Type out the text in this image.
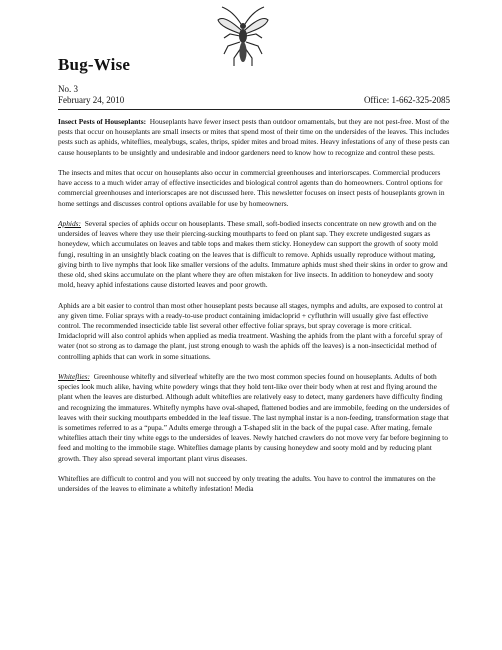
Bug-Wise
No. 3
February 24, 2010	Office: 1-662-325-2085

Insect Pests of Houseplants: Houseplants have fewer insect pests than outdoor ornamentals, but they are not pest-free. Most of the pests that occur on houseplants are small insects or mites that spend most of their time on the undersides of the leaves. This includes pests such as aphids, whiteflies, mealybugs, scales, thrips, spider mites and broad mites. Heavy infestations of any of these pests can cause houseplants to be unsightly and undesirable and indoor gardeners need to know how to recognize and control these pests.

The insects and mites that occur on houseplants also occur in commercial greenhouses and interiorscapes. Commercial producers have access to a much wider array of effective insecticides and biological control agents than do homeowners. Control options for commercial greenhouses and interiorscapes are not discussed here. This newsletter focuses on insect pests of houseplants grown in home settings and discusses control options available for use by homeowners.

Aphids: Several species of aphids occur on houseplants. These small, soft-bodied insects concentrate on new growth and on the undersides of leaves where they use their piercing-sucking mouthparts to feed on plant sap. They excrete undigested sugars as honeydew, which accumulates on leaves and table tops and makes them sticky. Honeydew can support the growth of sooty mold fungi, resulting in an unsightly black coating on the leaves that is difficult to remove. Aphids usually reproduce without mating, giving birth to live nymphs that look like smaller versions of the adults. Immature aphids must shed their skins in order to grow and these old, shed skins accumulate on the plant where they are often mistaken for live insects. In addition to honeydew and sooty mold, heavy aphid infestations cause distorted leaves and poor growth.

Aphids are a bit easier to control than most other houseplant pests because all stages, nymphs and adults, are exposed to control at any given time. Foliar sprays with a ready-to-use product containing imidacloprid + cyfluthrin will usually give fast effective control. The recommended insecticide table list several other effective foliar sprays, but spray coverage is more critical. Imidacloprid will also control aphids when applied as media treatment. Washing the aphids from the plant with a forceful spray of water (not so strong as to damage the plant, just strong enough to wash the aphids off the leaves) is a non-insecticidal method of controlling aphids that can work in some situations.

Whiteflies: Greenhouse whitefly and silverleaf whitefly are the two most common species found on houseplants. Adults of both species look much alike, having white powdery wings that they hold tent-like over their body when at rest and flying around the plant when the leaves are disturbed. Although adult whiteflies are relatively easy to detect, many gardeners have difficulty finding and recognizing the immatures. Whitefly nymphs have oval-shaped, flattened bodies and are immobile, feeding on the undersides of leaves with their sucking mouthparts embedded in the leaf tissue. The last nymphal instar is a non-feeding, transformation stage that is sometimes referred to as a “pupa.” Adults emerge through a T-shaped slit in the back of the pupal case. After mating, female whiteflies attach their tiny white eggs to the undersides of leaves. Newly hatched crawlers do not move very far before beginning to feed and molting to the immobile stage. Whiteflies damage plants by causing honeydew and sooty mold and by reducing plant growth. They also spread several important plant virus diseases.

Whiteflies are difficult to control and you will not succeed by only treating the adults. You have to control the immatures on the undersides of the leaves to eliminate a whitefly infestation! Media
